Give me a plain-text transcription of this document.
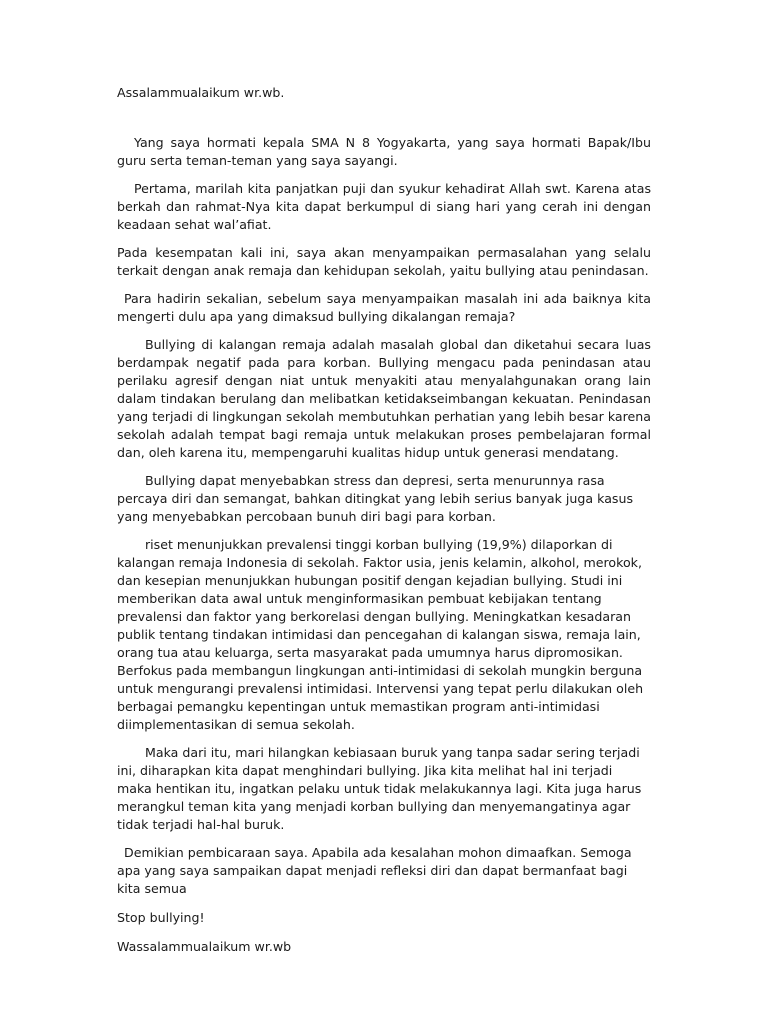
Assalammualaikum wr.wb.

Yang saya hormati kepala SMA N 8 Yogyakarta, yang saya hormati Bapak/Ibu guru serta teman-teman yang saya sayangi.

Pertama, marilah kita panjatkan puji dan syukur kehadirat Allah swt. Karena atas berkah dan rahmat-Nya kita dapat berkumpul di siang hari yang cerah ini dengan keadaan sehat wal’afiat.

Pada kesempatan kali ini, saya akan menyampaikan permasalahan yang selalu terkait dengan anak remaja dan kehidupan sekolah, yaitu bullying atau penindasan.

Para hadirin sekalian, sebelum saya menyampaikan masalah ini ada baiknya kita mengerti dulu apa yang dimaksud bullying dikalangan remaja?

Bullying di kalangan remaja adalah masalah global dan diketahui secara luas berdampak negatif pada para korban. Bullying mengacu pada penindasan atau perilaku agresif dengan niat untuk menyakiti atau menyalahgunakan orang lain dalam tindakan berulang dan melibatkan ketidakseimbangan kekuatan. Penindasan yang terjadi di lingkungan sekolah membutuhkan perhatian yang lebih besar karena sekolah adalah tempat bagi remaja untuk melakukan proses pembelajaran formal dan, oleh karena itu, mempengaruhi kualitas hidup untuk generasi mendatang.

Bullying dapat menyebabkan stress dan depresi, serta menurunnya rasa percaya diri dan semangat, bahkan ditingkat yang lebih serius banyak juga kasus yang menyebabkan percobaan bunuh diri bagi para korban.

riset menunjukkan prevalensi tinggi korban bullying (19,9%) dilaporkan di kalangan remaja Indonesia di sekolah. Faktor usia, jenis kelamin, alkohol, merokok, dan kesepian menunjukkan hubungan positif dengan kejadian bullying. Studi ini memberikan data awal untuk menginformasikan pembuat kebijakan tentang prevalensi dan faktor yang berkorelasi dengan bullying. Meningkatkan kesadaran publik tentang tindakan intimidasi dan pencegahan di kalangan siswa, remaja lain, orang tua atau keluarga, serta masyarakat pada umumnya harus dipromosikan. Berfokus pada membangun lingkungan anti-intimidasi di sekolah mungkin berguna untuk mengurangi prevalensi intimidasi. Intervensi yang tepat perlu dilakukan oleh berbagai pemangku kepentingan untuk memastikan program anti-intimidasi diimplementasikan di semua sekolah.

Maka dari itu, mari hilangkan kebiasaan buruk yang tanpa sadar sering terjadi ini, diharapkan kita dapat menghindari bullying. Jika kita melihat hal ini terjadi maka hentikan itu, ingatkan pelaku untuk tidak melakukannya lagi. Kita juga harus merangkul teman kita yang menjadi korban bullying dan menyemangatinya agar tidak terjadi hal-hal buruk.

Demikian pembicaraan saya. Apabila ada kesalahan mohon dimaafkan. Semoga apa yang saya sampaikan dapat menjadi refleksi diri dan dapat bermanfaat bagi kita semua

Stop bullying!

Wassalammualaikum wr.wb
